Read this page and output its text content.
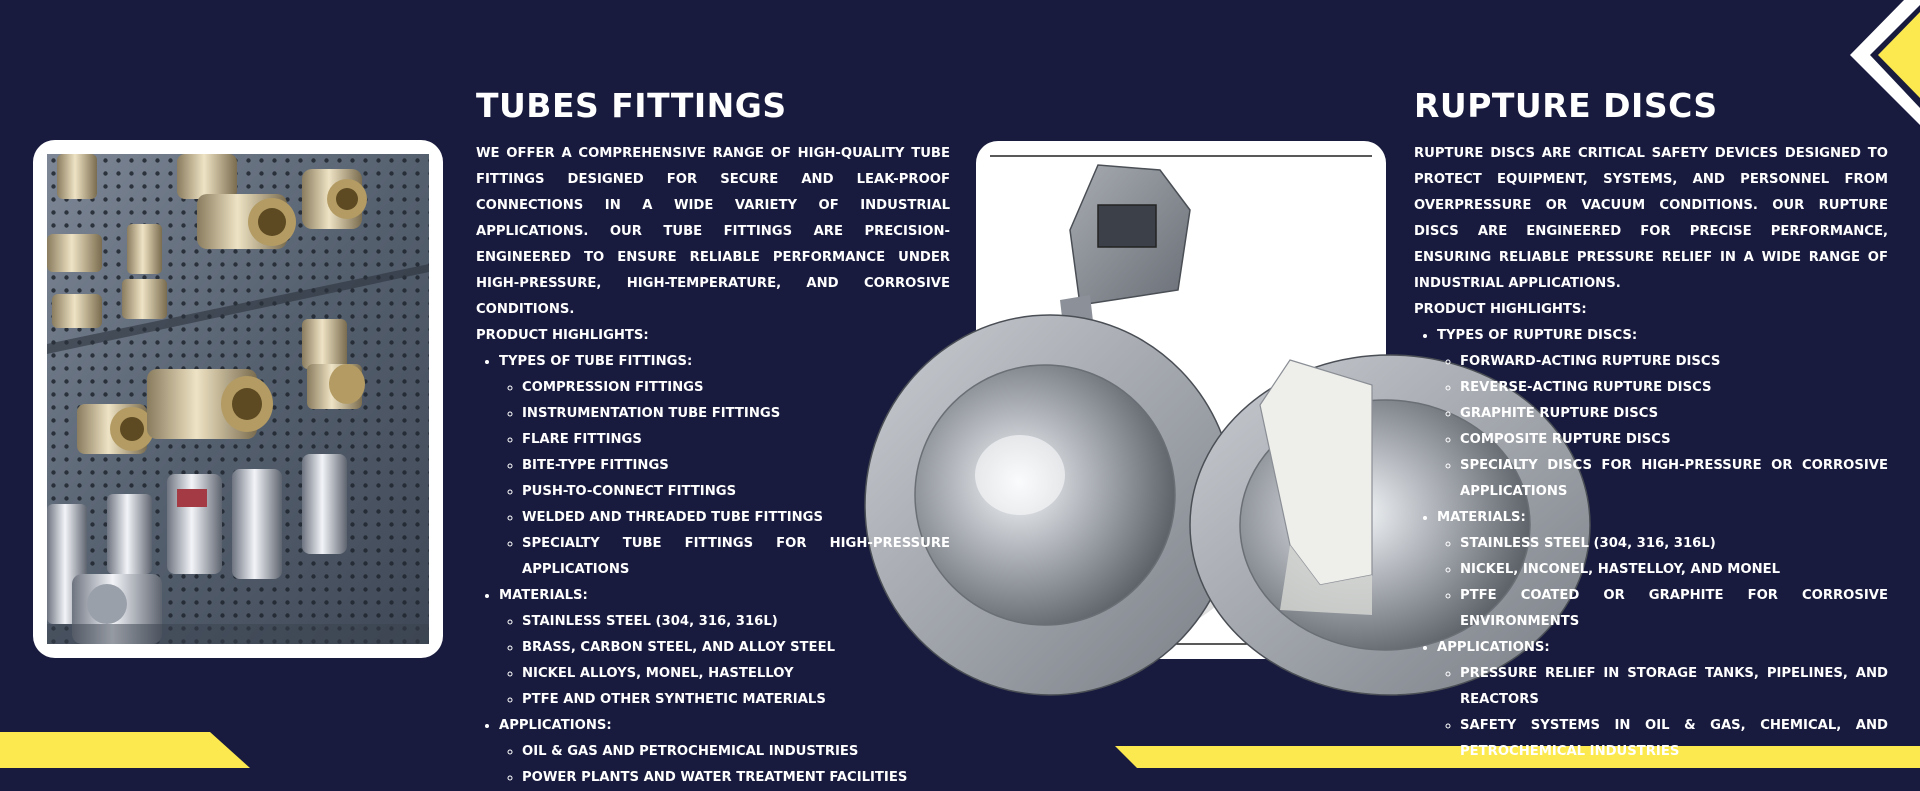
TUBES FITTINGS

WE OFFER A COMPREHENSIVE RANGE OF HIGH-QUALITY TUBE FITTINGS DESIGNED FOR SECURE AND LEAK-PROOF CONNECTIONS IN A WIDE VARIETY OF INDUSTRIAL APPLICATIONS. OUR TUBE FITTINGS ARE PRECISION-ENGINEERED TO ENSURE RELIABLE PERFORMANCE UNDER HIGH-PRESSURE, HIGH-TEMPERATURE, AND CORROSIVE CONDITIONS.

PRODUCT HIGHLIGHTS:

• TYPES OF TUBE FITTINGS:
◦ COMPRESSION FITTINGS
◦ INSTRUMENTATION TUBE FITTINGS
◦ FLARE FITTINGS
◦ BITE-TYPE FITTINGS
◦ PUSH-TO-CONNECT FITTINGS
◦ WELDED AND THREADED TUBE FITTINGS
◦ SPECIALTY TUBE FITTINGS FOR HIGH-PRESSURE APPLICATIONS
• MATERIALS:
◦ STAINLESS STEEL (304, 316, 316L)
◦ BRASS, CARBON STEEL, AND ALLOY STEEL
◦ NICKEL ALLOYS, MONEL, HASTELLOY
◦ PTFE AND OTHER SYNTHETIC MATERIALS
• APPLICATIONS:
◦ OIL & GAS AND PETROCHEMICAL INDUSTRIES
◦ POWER PLANTS AND WATER TREATMENT FACILITIES
RUPTURE DISCS

RUPTURE DISCS ARE CRITICAL SAFETY DEVICES DESIGNED TO PROTECT EQUIPMENT, SYSTEMS, AND PERSONNEL FROM OVERPRESSURE OR VACUUM CONDITIONS. OUR RUPTURE DISCS ARE ENGINEERED FOR PRECISE PERFORMANCE, ENSURING RELIABLE PRESSURE RELIEF IN A WIDE RANGE OF INDUSTRIAL APPLICATIONS.

PRODUCT HIGHLIGHTS:

• TYPES OF RUPTURE DISCS:
◦ FORWARD-ACTING RUPTURE DISCS
◦ REVERSE-ACTING RUPTURE DISCS
◦ GRAPHITE RUPTURE DISCS
◦ COMPOSITE RUPTURE DISCS
◦ SPECIALTY DISCS FOR HIGH-PRESSURE OR CORROSIVE APPLICATIONS
• MATERIALS:
◦ STAINLESS STEEL (304, 316, 316L)
◦ NICKEL, INCONEL, HASTELLOY, AND MONEL
◦ PTFE COATED OR GRAPHITE FOR CORROSIVE ENVIRONMENTS
• APPLICATIONS:
◦ PRESSURE RELIEF IN STORAGE TANKS, PIPELINES, AND REACTORS
◦ SAFETY SYSTEMS IN OIL & GAS, CHEMICAL, AND PETROCHEMICAL INDUSTRIES
